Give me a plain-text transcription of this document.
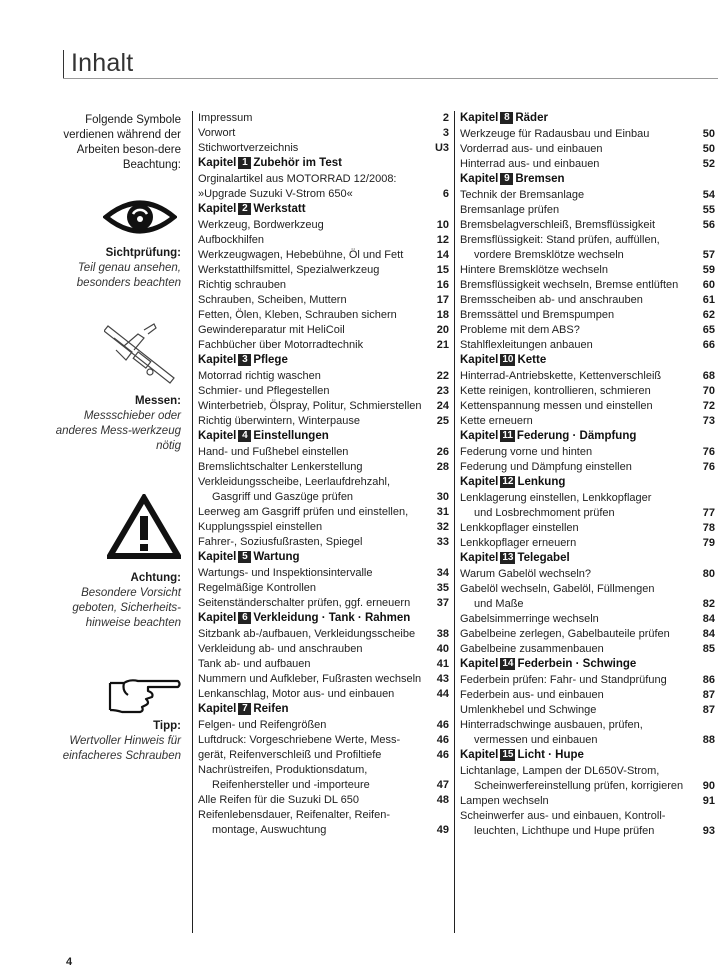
Inhalt
Folgende Symbole verdienen während der Arbeiten beson-dere Beachtung:
Sichtprüfung:
Teil genau ansehen, besonders beachten
Messen:
Messschieber oder anderes Mess-werkzeug nötig
Achtung:
Besondere Vorsicht geboten, Sicherheits-hinweise beachten
Tipp:
Wertvoller Hinweis für einfacheres Schrauben
Impressum	2
Vorwort	3
Stichwortverzeichnis	U3
Kapitel 1 Zubehör im Test
Orginalartikel aus MOTORRAD 12/2008:
»Upgrade Suzuki V-Strom 650«	6
Kapitel 2 Werkstatt
Werkzeug, Bordwerkzeug	10
Aufbockhilfen	12
Werkzeugwagen, Hebebühne, Öl und Fett	14
Werkstatthilfsmittel, Spezialwerkzeug	15
Richtig schrauben	16
Schrauben, Scheiben, Muttern	17
Fetten, Ölen, Kleben, Schrauben sichern	18
Gewindereparatur mit HeliCoil	20
Fachbücher über Motorradtechnik	21
Kapitel 3 Pflege
Motorrad richtig waschen	22
Schmier- und Pflegestellen	23
Winterbetrieb, Ölspray, Politur, Schmierstellen 24
Richtig überwintern, Winterpause	25
Kapitel 4 Einstellungen
Hand- und Fußhebel einstellen	26
Bremslichtschalter Lenkerstellung	28
Verkleidungsscheibe, Leerlaufdrehzahl,
Gasgriff und Gaszüge prüfen	30
Leerweg am Gasgriff prüfen und einstellen,	31
Kupplungsspiel einstellen	32
Fahrer-, Soziusfußrasten, Spiegel	33
Kapitel 5 Wartung
Wartungs- und Inspektionsintervalle	34
Regelmäßige Kontrollen	35
Seitenständerschalter prüfen, ggf. erneuern 37
Kapitel 6 Verkleidung · Tank · Rahmen
Sitzbank ab-/aufbauen, Verkleidungsscheibe 38
Verkleidung ab- und anschrauben	40
Tank ab- und aufbauen	41
Nummern und Aufkleber, Fußrasten wechseln 43
Lenkanschlag, Motor aus- und einbauen	44
Kapitel 7 Reifen
Felgen- und Reifengrößen	46
Luftdruck: Vorgeschriebene Werte, Mess-	46
gerät, Reifenverschleiß und Profiltiefe	46
Nachrüstreifen, Produktionsdatum,
Reifenhersteller und -importeure	47
Alle Reifen für die Suzuki DL 650	48
Reifenlebensdauer, Reifenalter, Reifen-
montage, Auswuchtung	49
Kapitel 8 Räder
Werkzeuge für Radausbau und Einbau	50
Vorderrad aus- und einbauen	50
Hinterrad aus- und einbauen	52
Kapitel 9 Bremsen
Technik der Bremsanlage	54
Bremsanlage prüfen	55
Bremsbelagverschleiß, Bremsflüssigkeit	56
Bremsflüssigkeit: Stand prüfen, auffüllen,
vordere Bremsklötze wechseln	57
Hintere Bremsklötze wechseln	59
Bremsflüssigkeit wechseln, Bremse entlüften 60
Bremsscheiben ab- und anschrauben	61
Bremssättel und Bremspumpen	62
Probleme mit dem ABS?	65
Stahlflexleitungen anbauen	66
Kapitel 10 Kette
Hinterrad-Antriebskette, Kettenverschleiß	68
Kette reinigen, kontrollieren, schmieren	70
Kettenspannung messen und einstellen	72
Kette erneuern	73
Kapitel 11 Federung · Dämpfung
Federung vorne und hinten	76
Federung und Dämpfung einstellen	76
Kapitel 12 Lenkung
Lenklagerung einstellen, Lenkkopflager
und Losbrechmoment prüfen	77
Lenkkopflager einstellen	78
Lenkkopflager erneuern	79
Kapitel 13 Telegabel
Warum Gabelöl wechseln?	80
Gabelöl wechseln, Gabelöl, Füllmengen
und Maße	82
Gabelsimmerringe wechseln	84
Gabelbeine zerlegen, Gabelbauteile prüfen	84
Gabelbeine zusammenbauen	85
Kapitel 14 Federbein · Schwinge
Federbein prüfen: Fahr- und Standprüfung	86
Federbein aus- und einbauen	87
Umlenkhebel und Schwinge	87
Hinterradschwinge ausbauen, prüfen,
vermessen und einbauen	88
Kapitel 15 Licht · Hupe
Lichtanlage, Lampen der DL650V-Strom,
Scheinwerfereinstellung prüfen, korrigieren	90
Lampen wechseln	91
Scheinwerfer aus- und einbauen, Kontroll-
leuchten, Lichthupe und Hupe prüfen	93
4
